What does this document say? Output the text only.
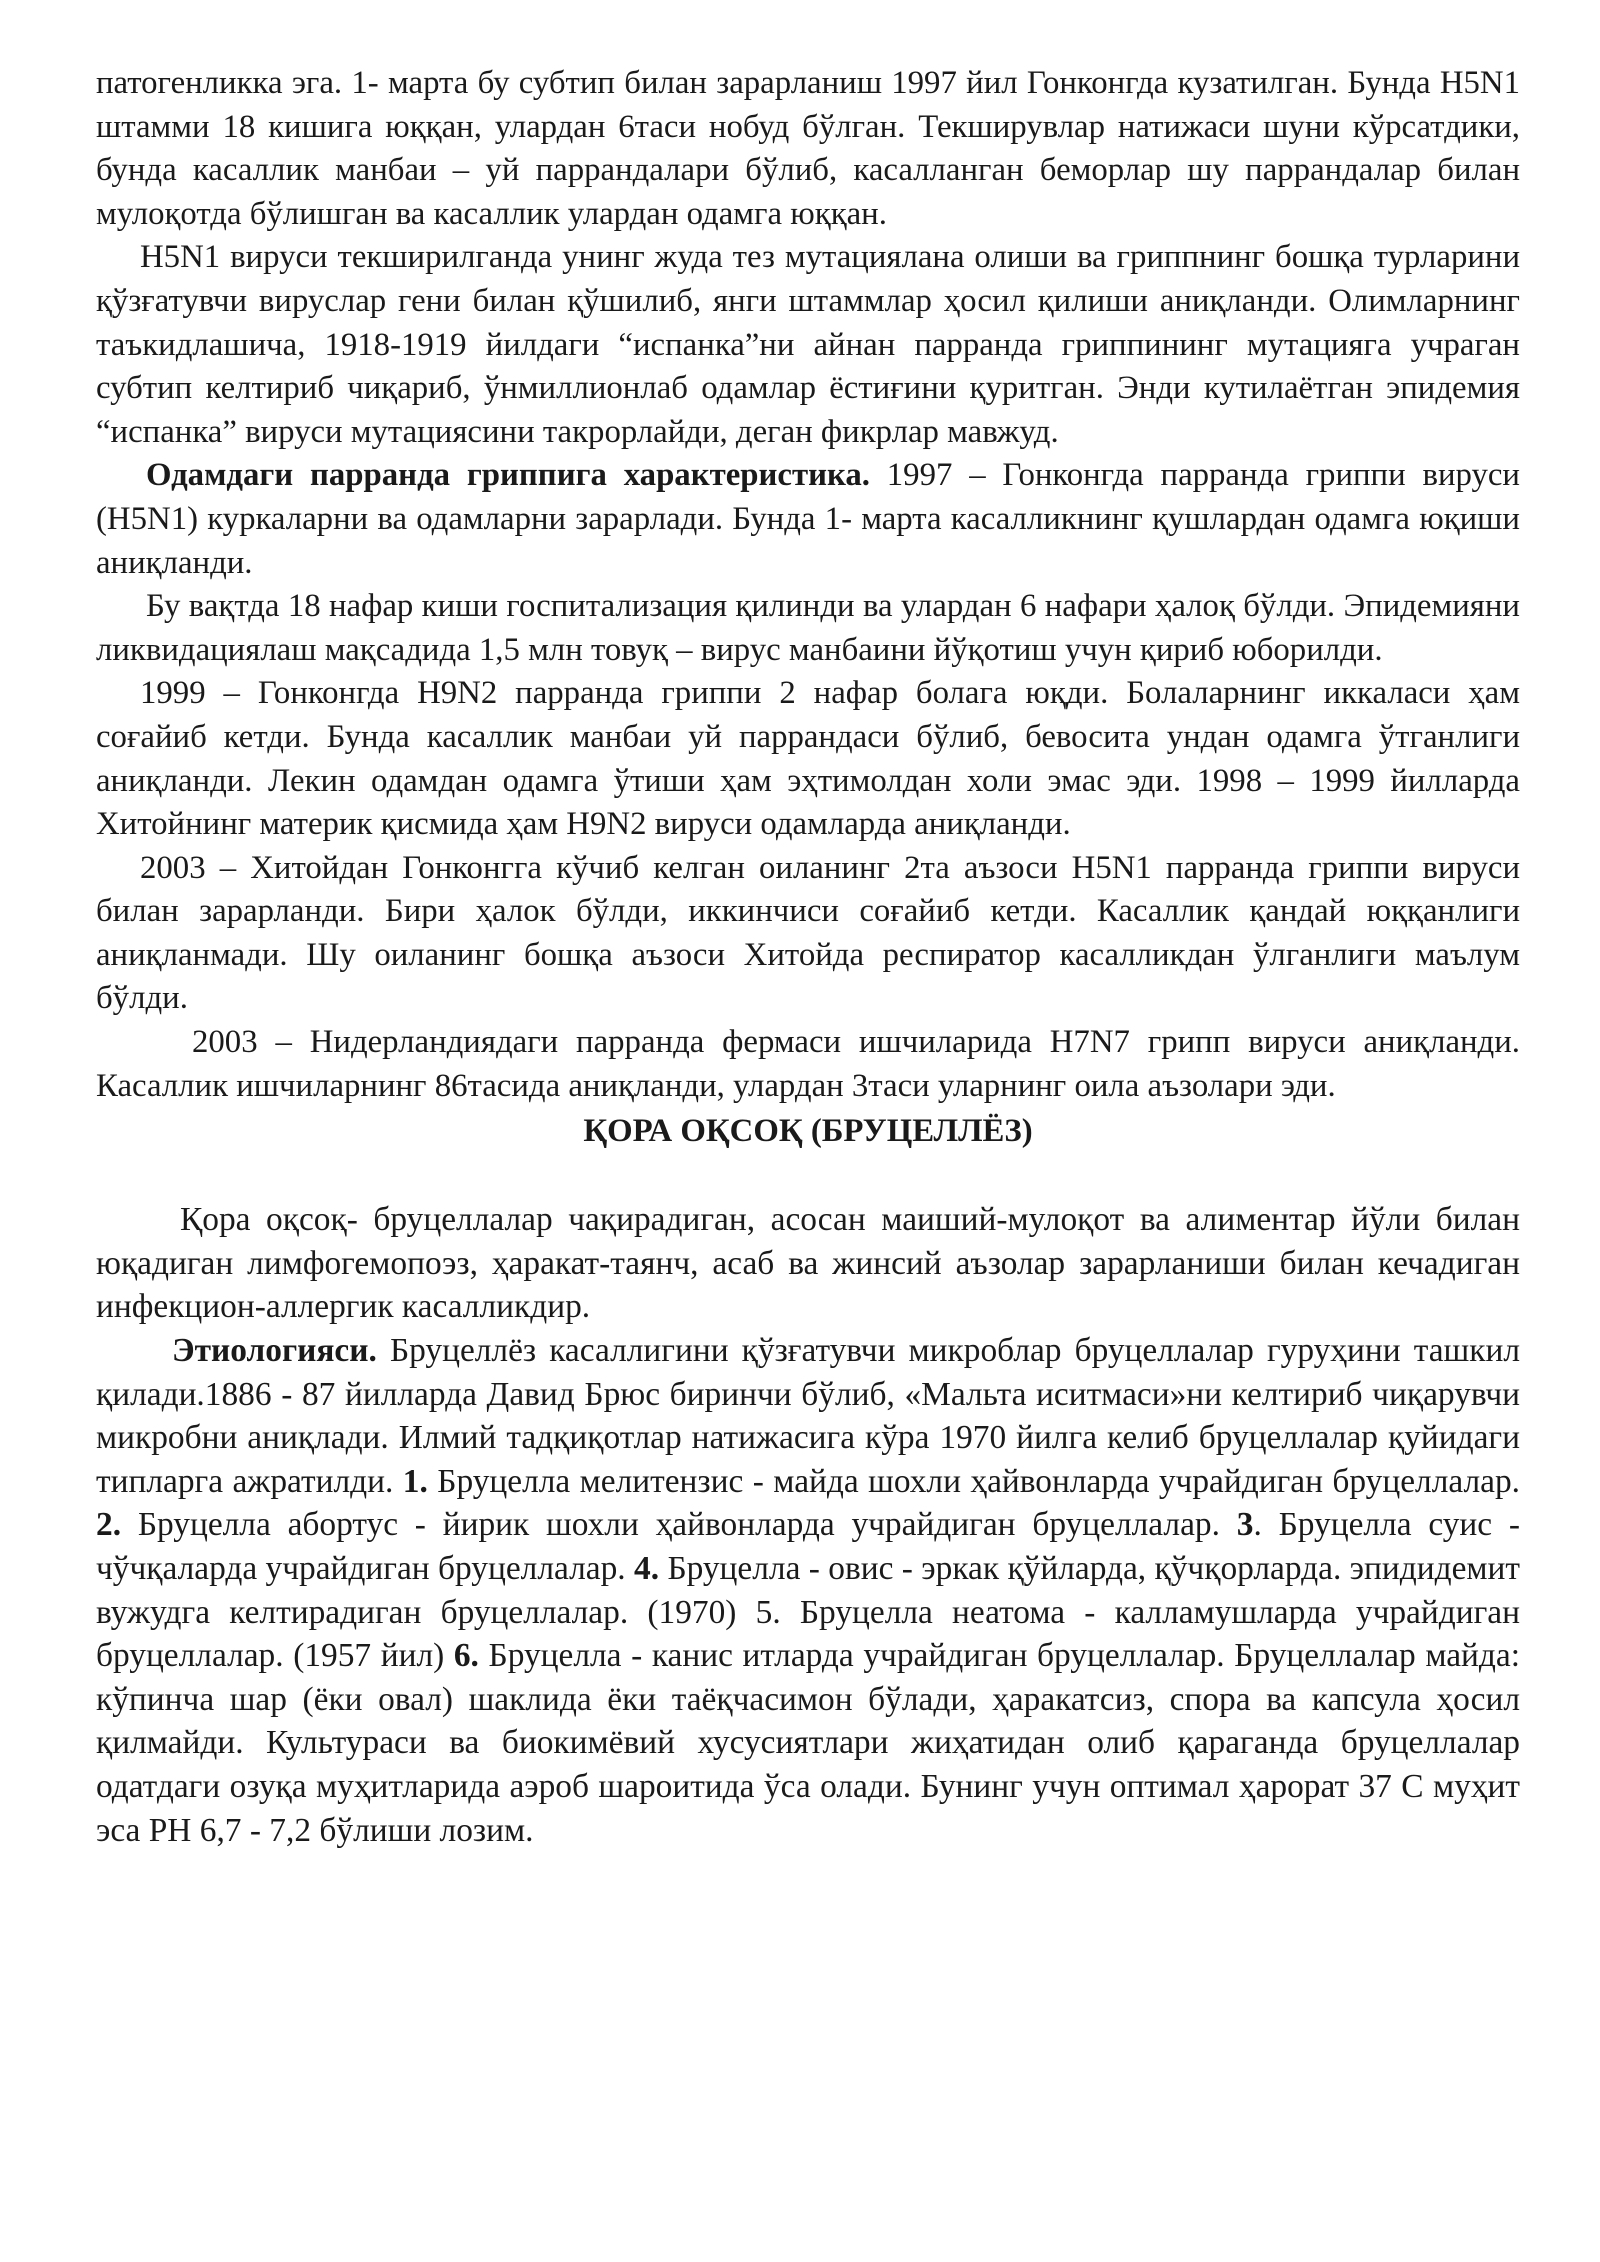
патогенликка эга. 1- марта бу субтип билан зарарланиш 1997 йил Гонконгда кузатилган. Бунда H5N1 штамми 18 кишига юққан, улардан 6таси нобуд бўлган. Текширувлар натижаси шуни кўрсатдики, бунда касаллик манбаи – уй паррандалари бўлиб, касалланган беморлар шу паррандалар билан мулоқотда бўлишган ва касаллик улардан одамга юққан.

H5N1 вируси текширилганда унинг жуда тез мутациялана олиши ва гриппнинг бошқа турларини қўзғатувчи вируслар гени билан қўшилиб, янги штаммлар ҳосил қилиши аниқланди. Олимларнинг таъкидлашича, 1918-1919 йилдаги “испанка”ни айнан парранда гриппининг мутацияга учраган субтип келтириб чиқариб, ўнмиллионлаб одамлар ёстиғини қуритган. Энди кутилаётган эпидемия “испанка” вируси мутациясини такрорлайди, деган фикрлар мавжуд.

Одамдаги парранда гриппига характеристика. 1997 – Гонконгда парранда гриппи вируси (H5N1) куркаларни ва одамларни зарарлади. Бунда 1- марта касалликнинг қушлардан одамга юқиши аниқланди.

Бу вақтда 18 нафар киши госпитализация қилинди ва улардан 6 нафари ҳалоқ бўлди. Эпидемияни ликвидациялаш мақсадида 1,5 млн товуқ – вирус манбаини йўқотиш учун қириб юборилди.

1999 – Гонконгда H9N2 парранда гриппи 2 нафар болага юқди. Болаларнинг иккаласи ҳам соғайиб кетди. Бунда касаллик манбаи уй паррандаси бўлиб, бевосита ундан одамга ўтганлиги аниқланди. Лекин одамдан одамга ўтиши ҳам эҳтимолдан холи эмас эди. 1998 – 1999 йилларда Хитойнинг материк қисмида ҳам H9N2 вируси одамларда аниқланди.

2003 – Хитойдан Гонконгга кўчиб келган оиланинг 2та аъзоси H5N1 парранда гриппи вируси билан зарарланди. Бири ҳалок бўлди, иккинчиси соғайиб кетди. Касаллик қандай юққанлиги аниқланмади. Шу оиланинг бошқа аъзоси Хитойда респиратор касалликдан ўлганлиги маълум бўлди.

2003 – Нидерландиядаги парранда фермаси ишчиларида H7N7 грипп вируси аниқланди. Касаллик ишчиларнинг 86тасида аниқланди, улардан 3таси уларнинг оила аъзолари эди.

ҚОРА ОҚСОҚ (БРУЦЕЛЛЁЗ)

Қора оқсоқ- бруцеллалар чақирадиган, асосан маиший-мулоқот ва алиментар йўли билан юқадиган лимфогемопоэз, ҳаракат-таянч, асаб ва жинсий аъзолар зарарланиши билан кечадиган инфекцион-аллергик касалликдир.

Этиологияси. Бруцеллёз касаллигини қўзғатувчи микроблар бруцеллалар гуруҳини ташкил қилади.1886 - 87 йилларда Давид Брюс биринчи бўлиб, «Мальта иситмаси»ни келтириб чиқарувчи микробни аниқлади. Илмий тадқиқотлар натижасига кўра 1970 йилга келиб бруцеллалар қуйидаги типларга ажратилди. 1. Бруцелла мелитензис - майда шохли ҳайвонларда учрайдиган бруцеллалар. 2. Бруцелла абортус - йирик шохли ҳайвонларда учрайдиган бруцеллалар. 3. Бруцелла суис - чўчқаларда учрайдиган бруцеллалар. 4. Бруцелла - овис - эркак қўйларда, қўчқорларда. эпидидемит вужудга келтирадиган бруцеллалар. (1970) 5. Бруцелла неатома - калламушларда учрайдиган бруцеллалар. (1957 йил) 6. Бруцелла - канис итларда учрайдиган бруцеллалар. Бруцеллалар майда: кўпинча шар (ёки овал) шаклида ёки таёқчасимон бўлади, ҳаракатсиз, спора ва капсула ҳосил қилмайди. Культураси ва биокимёвий хусусиятлари жиҳатидан олиб қараганда бруцеллалар одатдаги озуқа муҳитларида аэроб шароитида ўса олади. Бунинг учун оптимал ҳарорат 37 С муҳит эса РН 6,7 - 7,2 бўлиши лозим.
